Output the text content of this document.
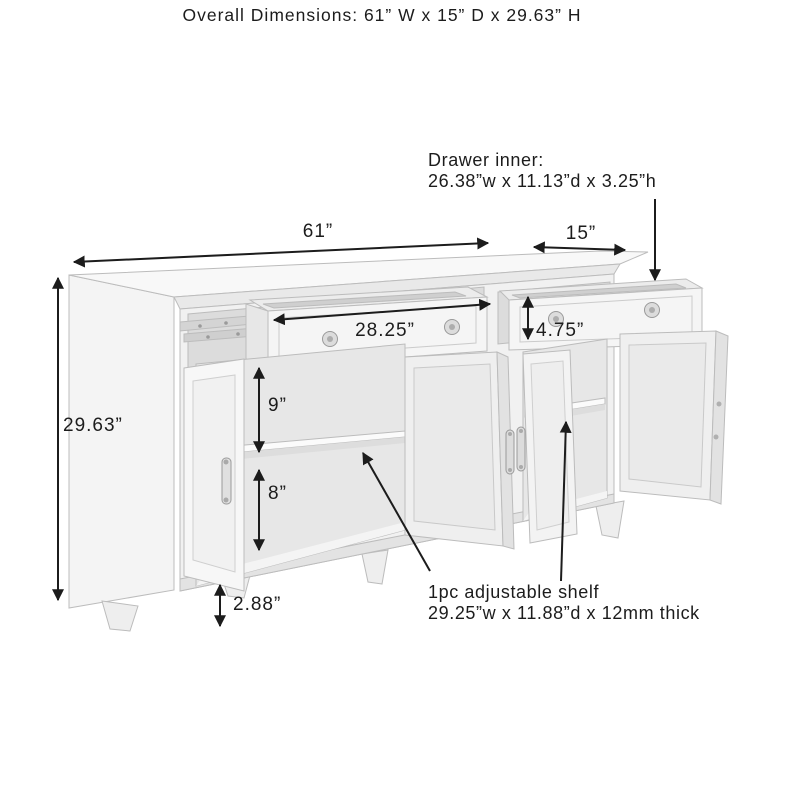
Overall Dimensions: 61” W x 15” D x 29.63” H
Drawer inner:
26.38”w x 11.13”d x 3.25”h
61”	15”
29.63”
28.25”	4.75”
9”
8”
2.88”
1pc adjustable shelf
29.25”w x 11.88”d x 12mm thick
